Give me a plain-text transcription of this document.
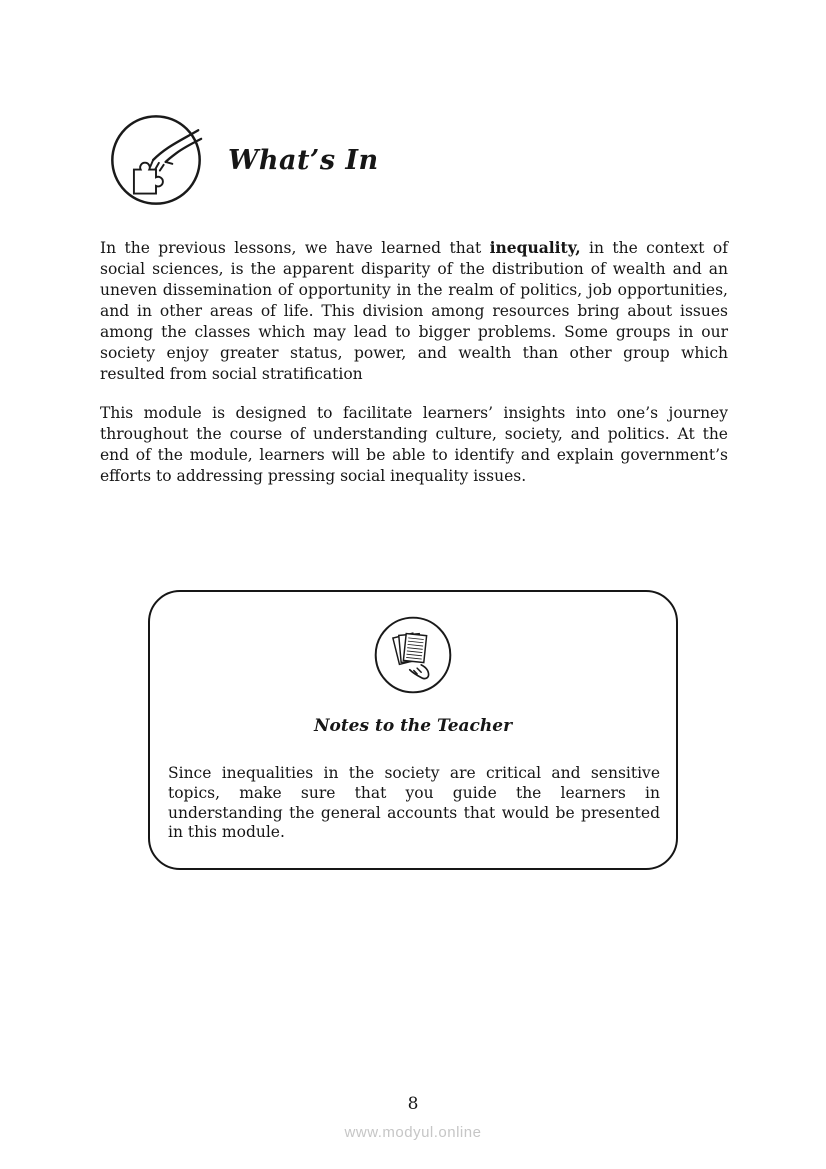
What’s In

In the previous lessons, we have learned that inequality, in the context of social sciences, is the apparent disparity of the distribution of wealth and an uneven dissemination of opportunity in the realm of politics, job opportunities, and in other areas of life. This division among resources bring about issues among the classes which may lead to bigger problems. Some groups in our society enjoy greater status, power, and wealth than other group which resulted from social stratification

This module is designed to facilitate learners’ insights into one’s journey throughout the course of understanding culture, society, and politics. At the end of the module, learners will be able to identify and explain government’s efforts to addressing pressing social inequality issues.

Notes to the Teacher

Since inequalities in the society are critical and sensitive topics, make sure that you guide the learners in understanding the general accounts that would be presented in this module.

8
www.modyul.online
